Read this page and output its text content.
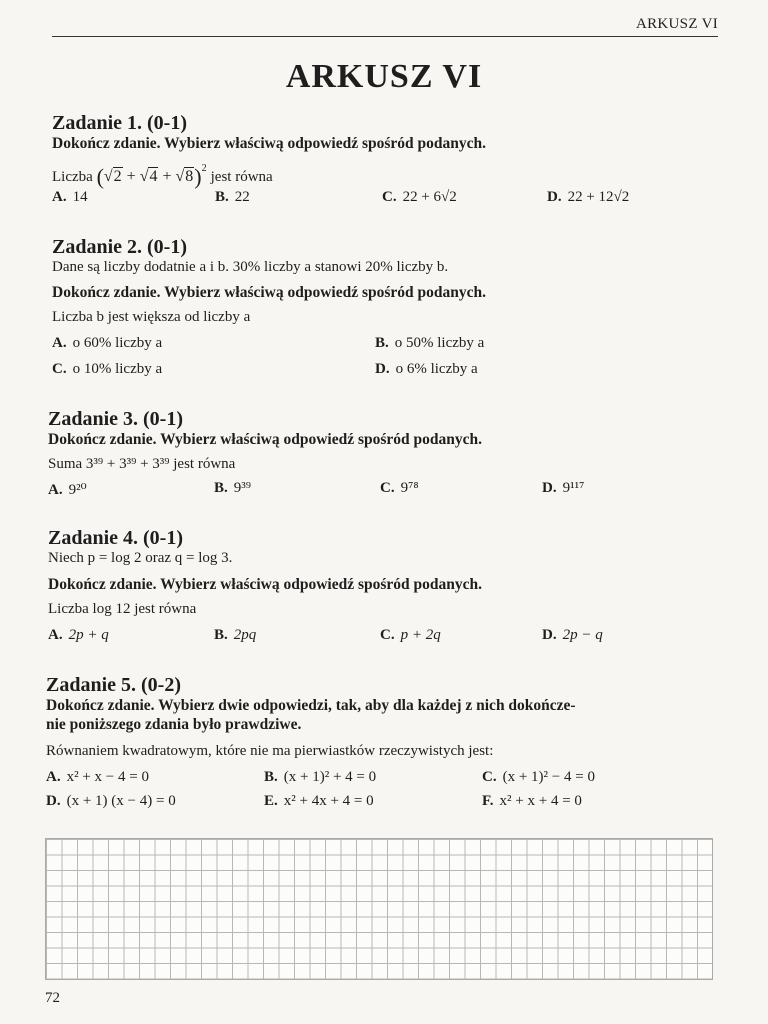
ARKUSZ VI
ARKUSZ VI
Zadanie 1. (0-1)
Dokończ zdanie. Wybierz właściwą odpowiedź spośród podanych.
Liczba $(√2 + √4 + √8)^2$ jest równa
A. 14	B. 22	C. 22 + 6√2	D. 22 + 12√2
Zadanie 2. (0-1)
Dane są liczby dodatnie a i b. 30% liczby a stanowi 20% liczby b.
Dokończ zdanie. Wybierz właściwą odpowiedź spośród podanych.
Liczba b jest większa od liczby a
A. o 60% liczby a	B. o 50% liczby a
C. o 10% liczby a	D. o 6% liczby a
Zadanie 3. (0-1)
Dokończ zdanie. Wybierz właściwą odpowiedź spośród podanych.
Suma 3³⁹ + 3³⁹ + 3³⁹ jest równa
A. 9²⁰	B. 9³⁹	C. 9⁷⁸	D. 9¹¹⁷
Zadanie 4. (0-1)
Niech p = log 2 oraz q = log 3.
Dokończ zdanie. Wybierz właściwą odpowiedź spośród podanych.
Liczba log 12 jest równa
A. 2p + q	B. 2pq	C. p + 2q	D. 2p − q
Zadanie 5. (0-2)
Dokończ zdanie. Wybierz dwie odpowiedzi, tak, aby dla każdej z nich dokończe-
nie poniższego zdania było prawdziwe.
Równaniem kwadratowym, które nie ma pierwiastków rzeczywistych jest:
A. x² + x − 4 = 0	B. (x + 1)² + 4 = 0	C. (x + 1)² − 4 = 0
D. (x + 1) (x − 4) = 0	E. x² + 4x + 4 = 0	F. x² + x + 4 = 0
72
